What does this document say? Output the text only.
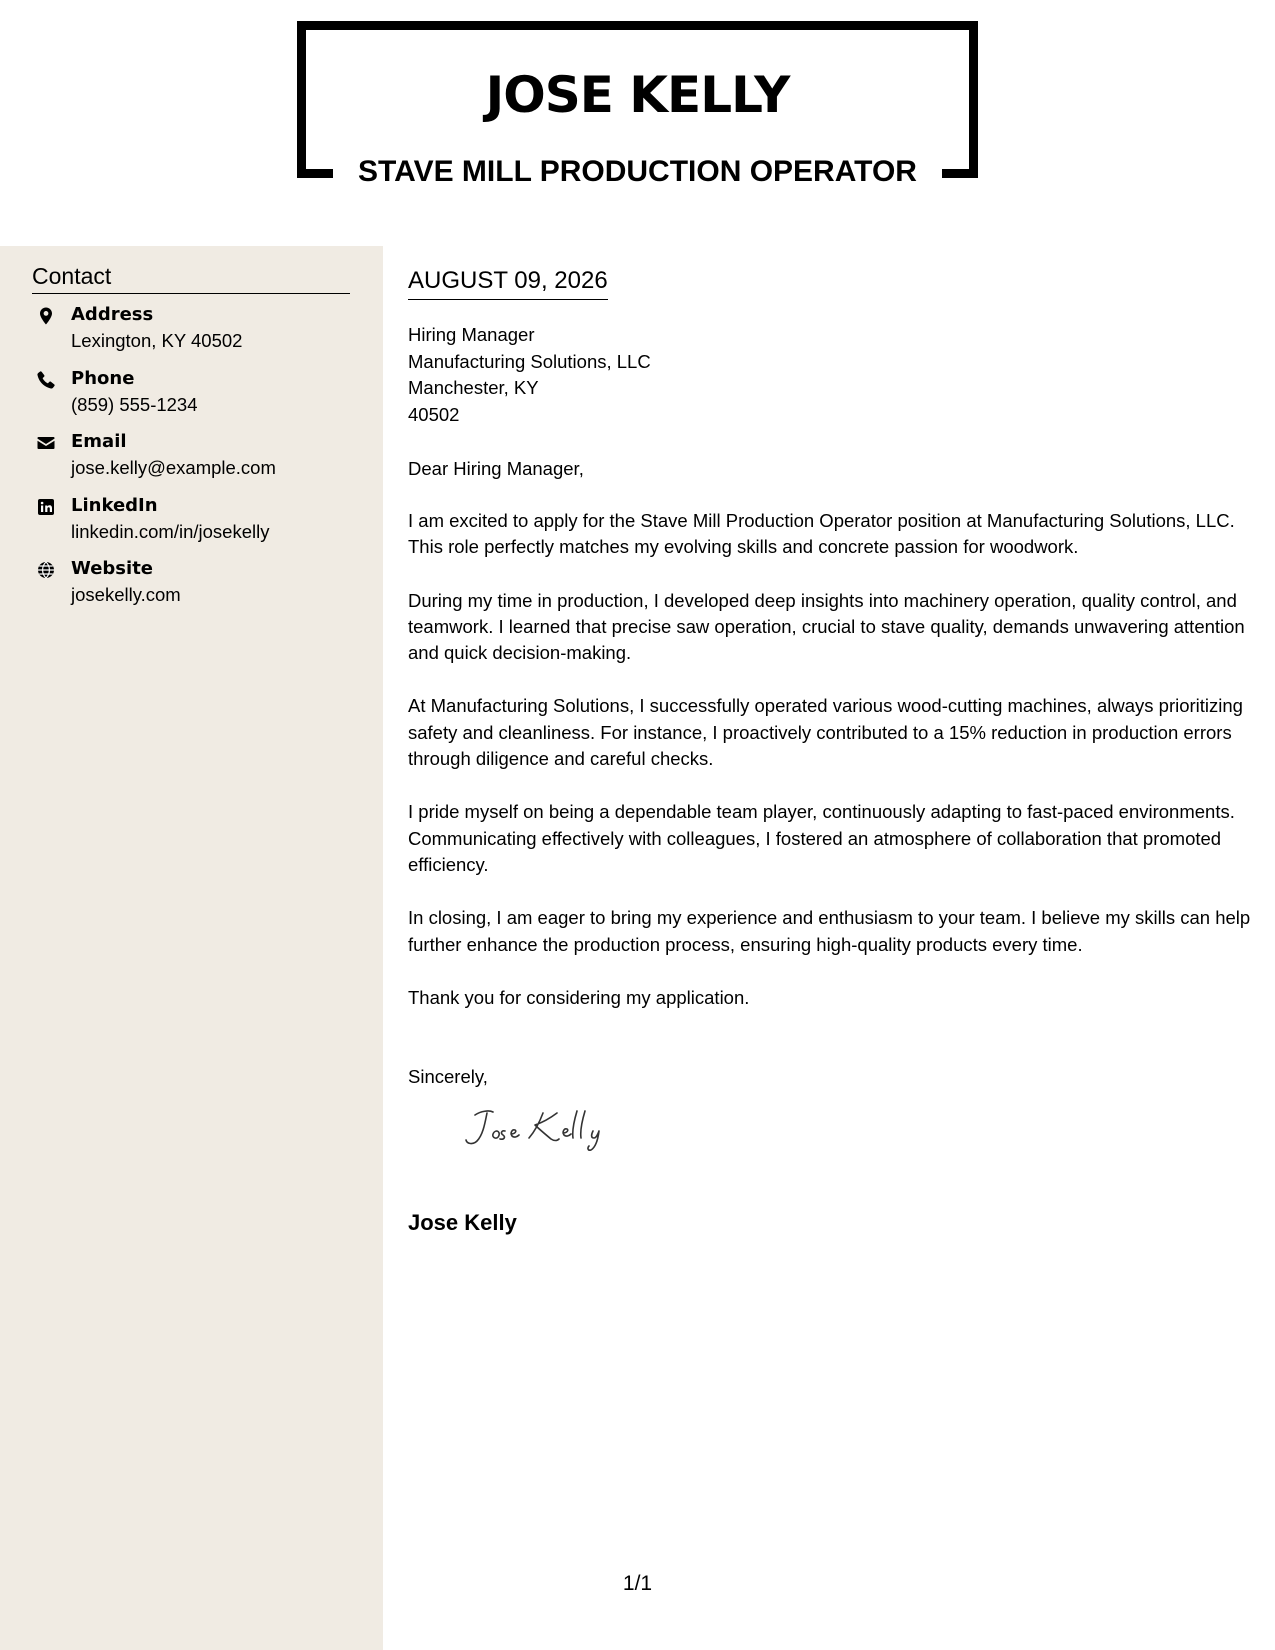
JOSE KELLY
STAVE MILL PRODUCTION OPERATOR
Contact
Address
Lexington, KY 40502
Phone
(859) 555-1234
Email
jose.kelly@example.com
LinkedIn
linkedin.com/in/josekelly
Website
josekelly.com
AUGUST 09, 2026
Hiring Manager
Manufacturing Solutions, LLC
Manchester, KY
40502
Dear Hiring Manager,

I am excited to apply for the Stave Mill Production Operator position at Manufacturing Solutions, LLC. This role perfectly matches my evolving skills and concrete passion for woodwork.

During my time in production, I developed deep insights into machinery operation, quality control, and teamwork. I learned that precise saw operation, crucial to stave quality, demands unwavering attention and quick decision-making.

At Manufacturing Solutions, I successfully operated various wood-cutting machines, always prioritizing safety and cleanliness. For instance, I proactively contributed to a 15% reduction in production errors through diligence and careful checks.

I pride myself on being a dependable team player, continuously adapting to fast-paced environments. Communicating effectively with colleagues, I fostered an atmosphere of collaboration that promoted efficiency.

In closing, I am eager to bring my experience and enthusiasm to your team. I believe my skills can help further enhance the production process, ensuring high-quality products every time.

Thank you for considering my application.

Sincerely,
Jose Kelly
1/1
